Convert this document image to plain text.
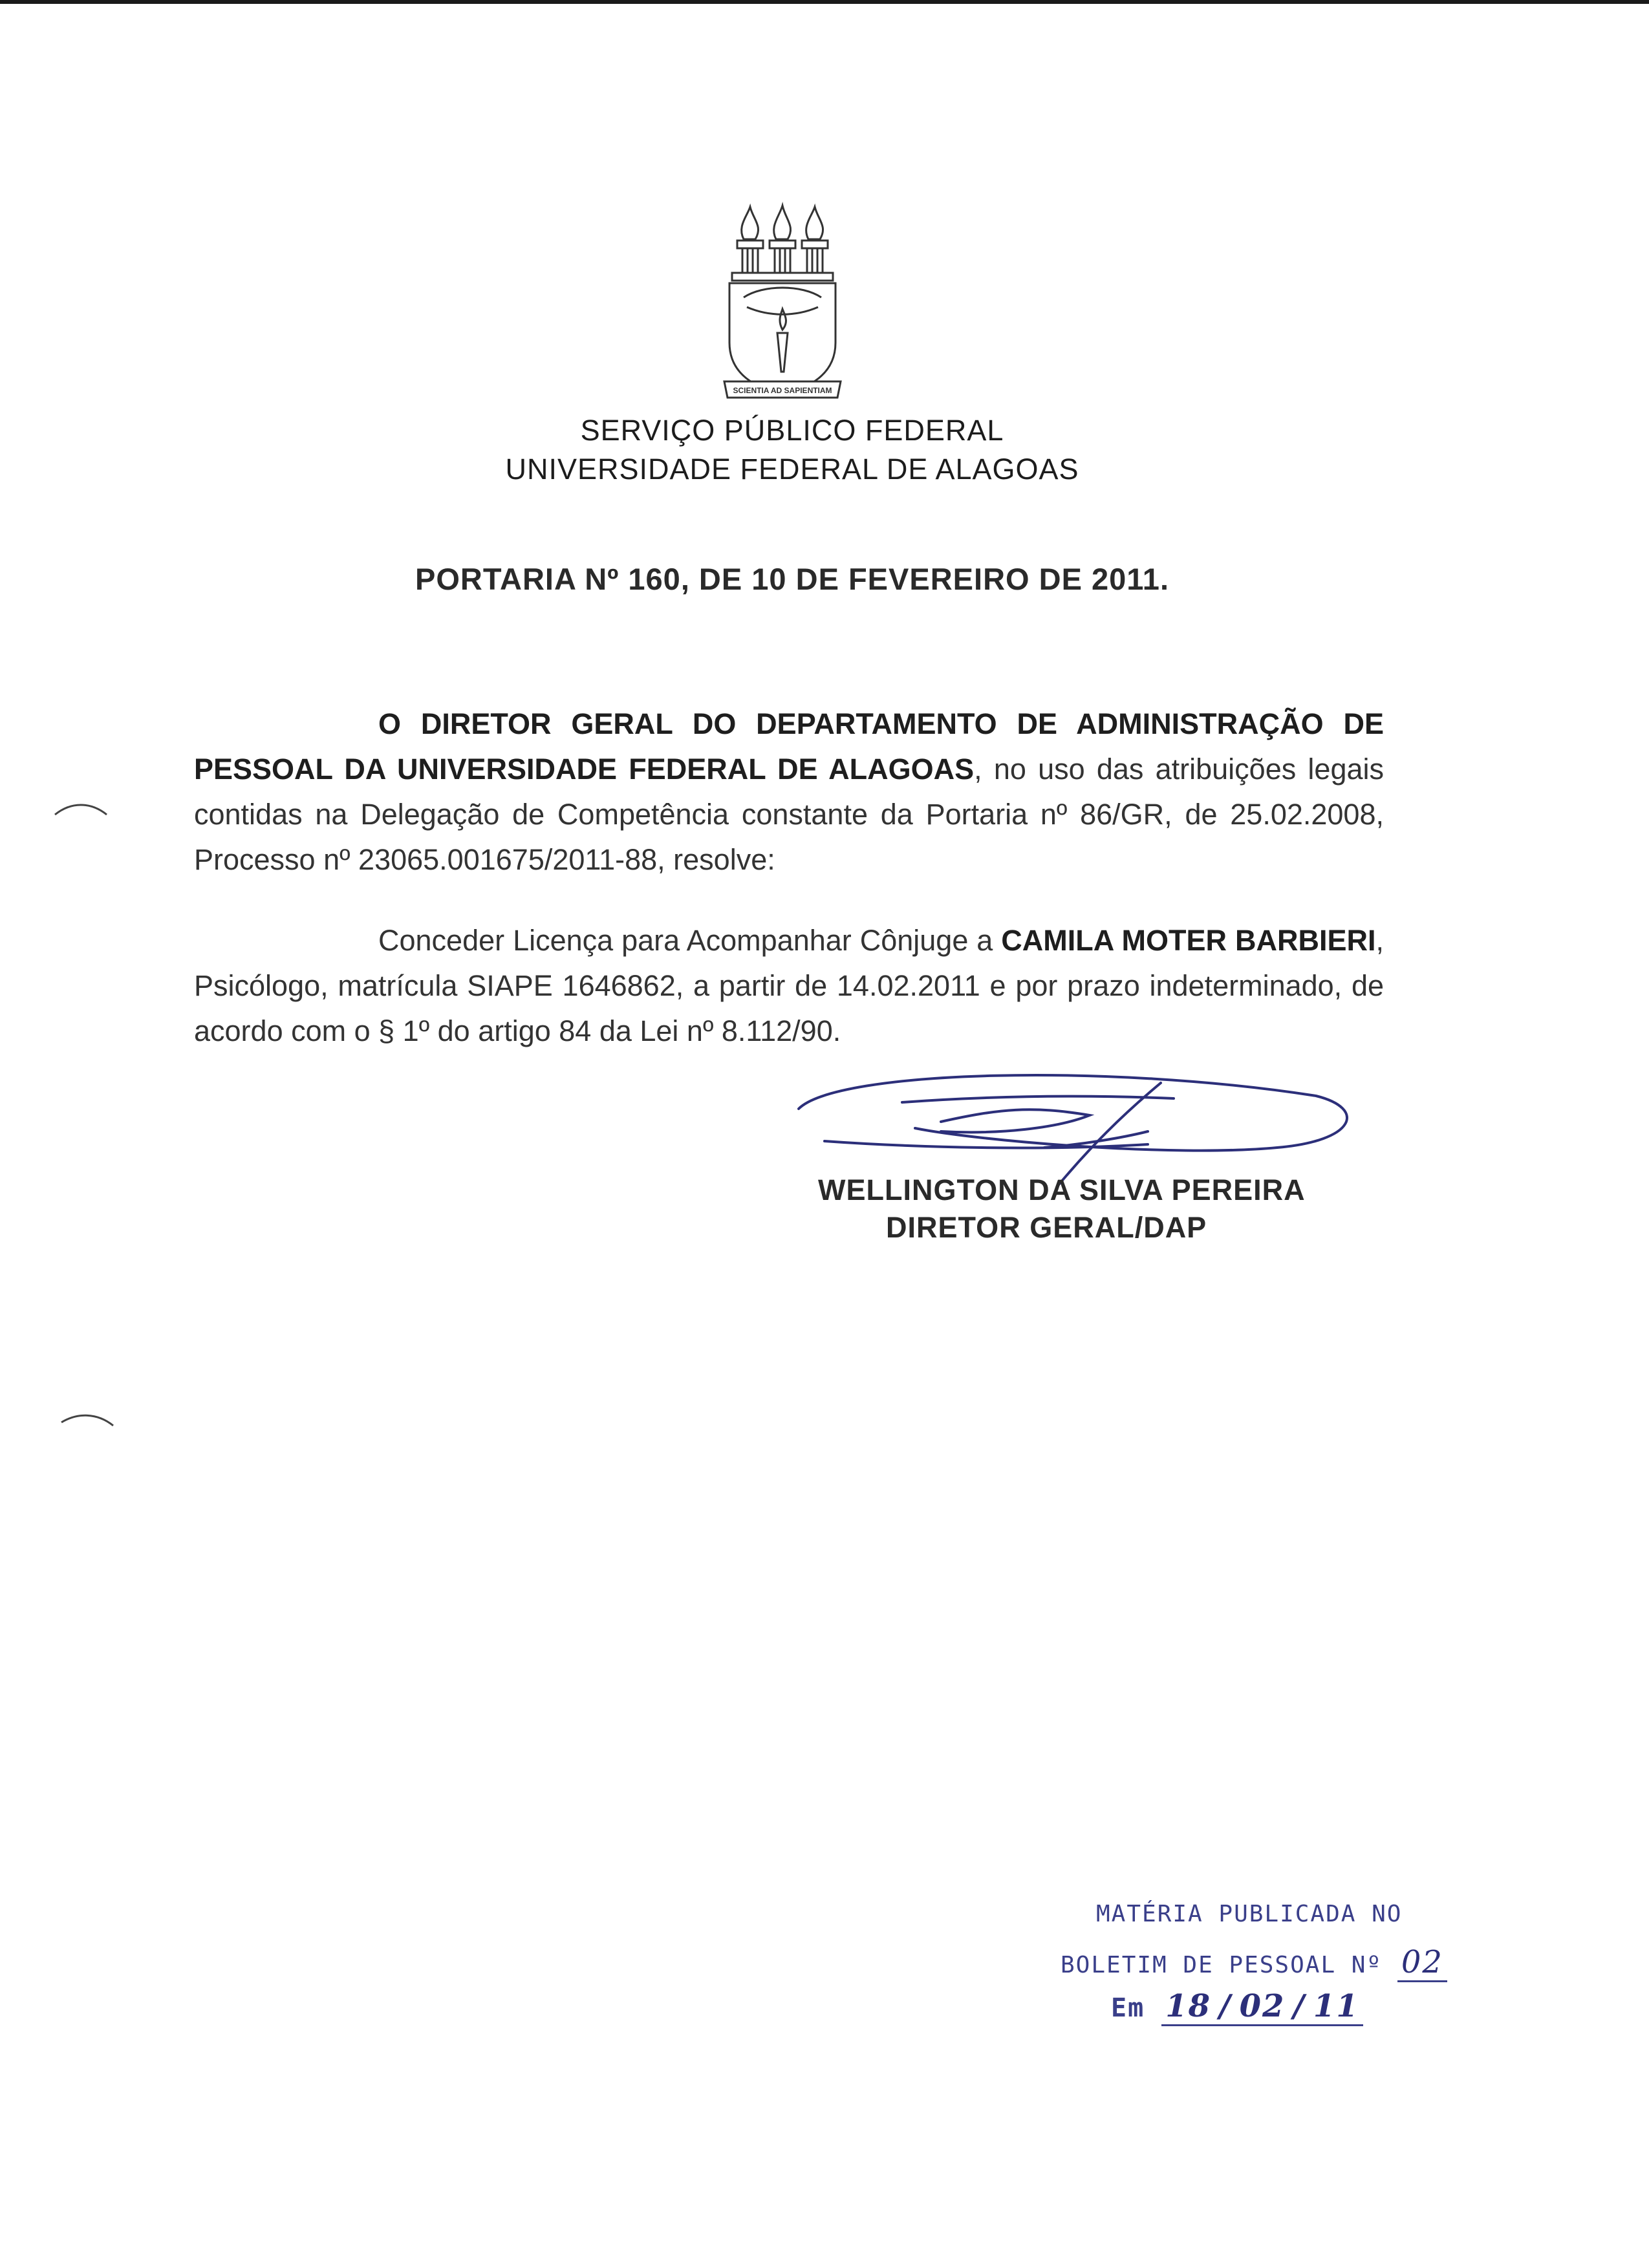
SCIENTIA AD SAPIENTIAM
SERVIÇO PÚBLICO FEDERAL
UNIVERSIDADE FEDERAL DE ALAGOAS
PORTARIA Nº 160, DE 10 DE FEVEREIRO DE 2011.
O DIRETOR GERAL DO DEPARTAMENTO DE ADMINISTRAÇÃO DE PESSOAL DA UNIVERSIDADE FEDERAL DE ALAGOAS, no uso das atribuições legais contidas na Delegação de Competência constante da Portaria nº 86/GR, de 25.02.2008, Processo nº 23065.001675/2011-88, resolve:
Conceder Licença para Acompanhar Cônjuge a CAMILA MOTER BARBIERI, Psicólogo, matrícula SIAPE 1646862, a partir de 14.02.2011 e por prazo indeterminado, de acordo com o § 1º do artigo 84 da Lei nº 8.112/90.
WELLINGTON DA SILVA PEREIRA
DIRETOR GERAL/DAP
MATÉRIA PUBLICADA NO
BOLETIM DE PESSOAL Nº 02
Em 18 / 02 / 11
